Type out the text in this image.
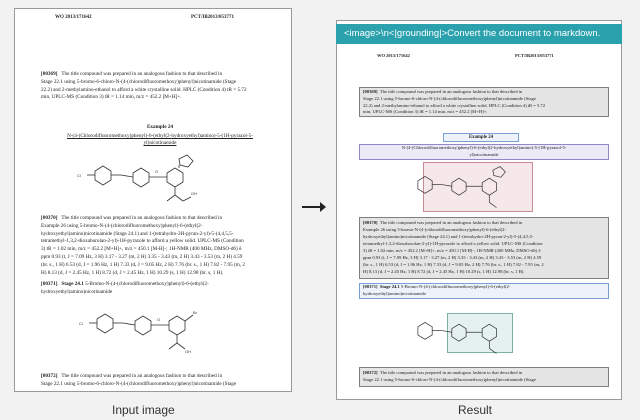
WO 2013/171642	PCT/IB2013/053771
[00369] The title compound was prepared in an analogous fashion to that described in
Stage 22.1 using 5-bromo-6-chloro-N-(4-(chlorodifluoromethoxy)phenyl)nicotinamide (Stage
22.2) and 2-methylamino-ethanol to afford a white crystalline solid. HPLC (Condition 4) tR = 5.72
min, UPLC-MS (Condition 3) tR = 1.14 min, m/z = 452.2 [M+H]+.
Example 24
N-(4-(Chlorodifluoromethoxy)phenyl)-6-(ethyl(2-hydroxyethyl)amino)-5-(1H-pyrazol-5-
yl)nicotinamide
Cl
O
OH
[00370] The title compound was prepared in an analogous fashion to that described in
Example 26 using 5-bromo-N-(4-(chlorodifluoromethoxy)phenyl)-6-(ethyl(2-
hydroxyethyl)amino)nicotinamide (Stage 24.1) and 1-(tetrahydro-2H-pyran-2-yl)-5-(4,4,5,5-
tetramethyl-1,3,2-dioxaborolan-2-yl)-1H-pyrazole to afford a yellow solid. UPLC-MS (Condition
3) tR = 1.02 min, m/z = 452.2 [M+H]+, m/z = 450.1 [M-H]-; 1H-NMR (400 MHz, DMSO-d6) δ
ppm 0.93 (t, J = 7.09 Hz, 3 H) 3.17 - 3.27 (m, 2 H) 3.35 - 3.43 (m, 2 H) 3.43 - 3.53 (m, 2 H) 4.59
(br. s., 1 H) 6.53 (d, J = 1.96 Hz, 1 H) 7.33 (d, J = 9.05 Hz, 2 H) 7.76 (br. s., 1 H) 7.82 - 7.95 (m, 2
H) 8.13 (d, J = 2.45 Hz, 1 H) 8.72 (d, J = 2.45 Hz, 1 H) 10.29 (s, 1 H) 12.98 (br. s, 1 H).
[00371] Stage 24.1 5-Bromo-N-(4-(chlorodifluoromethoxy)phenyl)-6-(ethyl(2-
hydroxyethyl)amino)nicotinamide
Cl
O
Br
OH
[00372] The title compound was prepared in an analogous fashion to that described in
Stage 22.1 using 5-bromo-6-chloro-N-(4-(chlorodifluoromethoxy)phenyl)nicotinamide (Stage
WO 2013/171642	PCT/IB2013/053771
[00369] The title compound was prepared in an analogous fashion to that described in
Stage 22.1 using 5-bromo-6-chloro-N-(4-(chlorodifluoromethoxy)phenyl)nicotinamide (Stage
22.2) and 2-methylamino-ethanol to afford a white crystalline solid. HPLC (Condition 4) tR = 5.72
min, UPLC-MS (Condition 3) tR = 1.14 min, m/z = 452.2 [M+H]+.
Example 24
N-(4-(Chlorodifluoromethoxy)phenyl)-6-(ethyl(2-hydroxyethyl)amino)-5-(1H-pyrazol-5-
yl)nicotinamide
[00370] The title compound was prepared in an analogous fashion to that described in
Example 26 using 5-bromo-N-(4-(chlorodifluoromethoxy)phenyl)-6-(ethyl(2-
hydroxyethyl)amino)nicotinamide (Stage 24.1) and 1-(tetrahydro-2H-pyran-2-yl)-5-(4,4,5,5-
tetramethyl-1,3,2-dioxaborolan-2-yl)-1H-pyrazole to afford a yellow solid. UPLC-MS (Condition
3) tR = 1.02 min, m/z = 452.2 [M+H]+, m/z = 450.1 [M-H]-; 1H-NMR (400 MHz, DMSO-d6) δ
ppm 0.93 (t, J = 7.09 Hz, 3 H) 3.17 - 3.27 (m, 2 H) 3.35 - 3.43 (m, 2 H) 3.43 - 3.53 (m, 2 H) 4.59
(br. s., 1 H) 6.53 (d, J = 1.96 Hz, 1 H) 7.33 (d, J = 9.05 Hz, 2 H) 7.76 (br. s., 1 H) 7.82 - 7.95 (m, 2
H) 8.13 (d, J = 2.45 Hz, 1 H) 8.72 (d, J = 2.45 Hz, 1 H) 10.29 (s, 1 H) 12.98 (br. s, 1 H).
[00371] Stage 24.1 5-Bromo-N-(4-(chlorodifluoromethoxy)phenyl)-6-(ethyl(2-
hydroxyethyl)amino)nicotinamide
[00372] The title compound was prepared in an analogous fashion to that described in
Stage 22.1 using 5-bromo-6-chloro-N-(4-(chlorodifluoromethoxy)phenyl)nicotinamide (Stage
<image>\n<|grounding|>Convert the document to markdown.
Input image	Result
